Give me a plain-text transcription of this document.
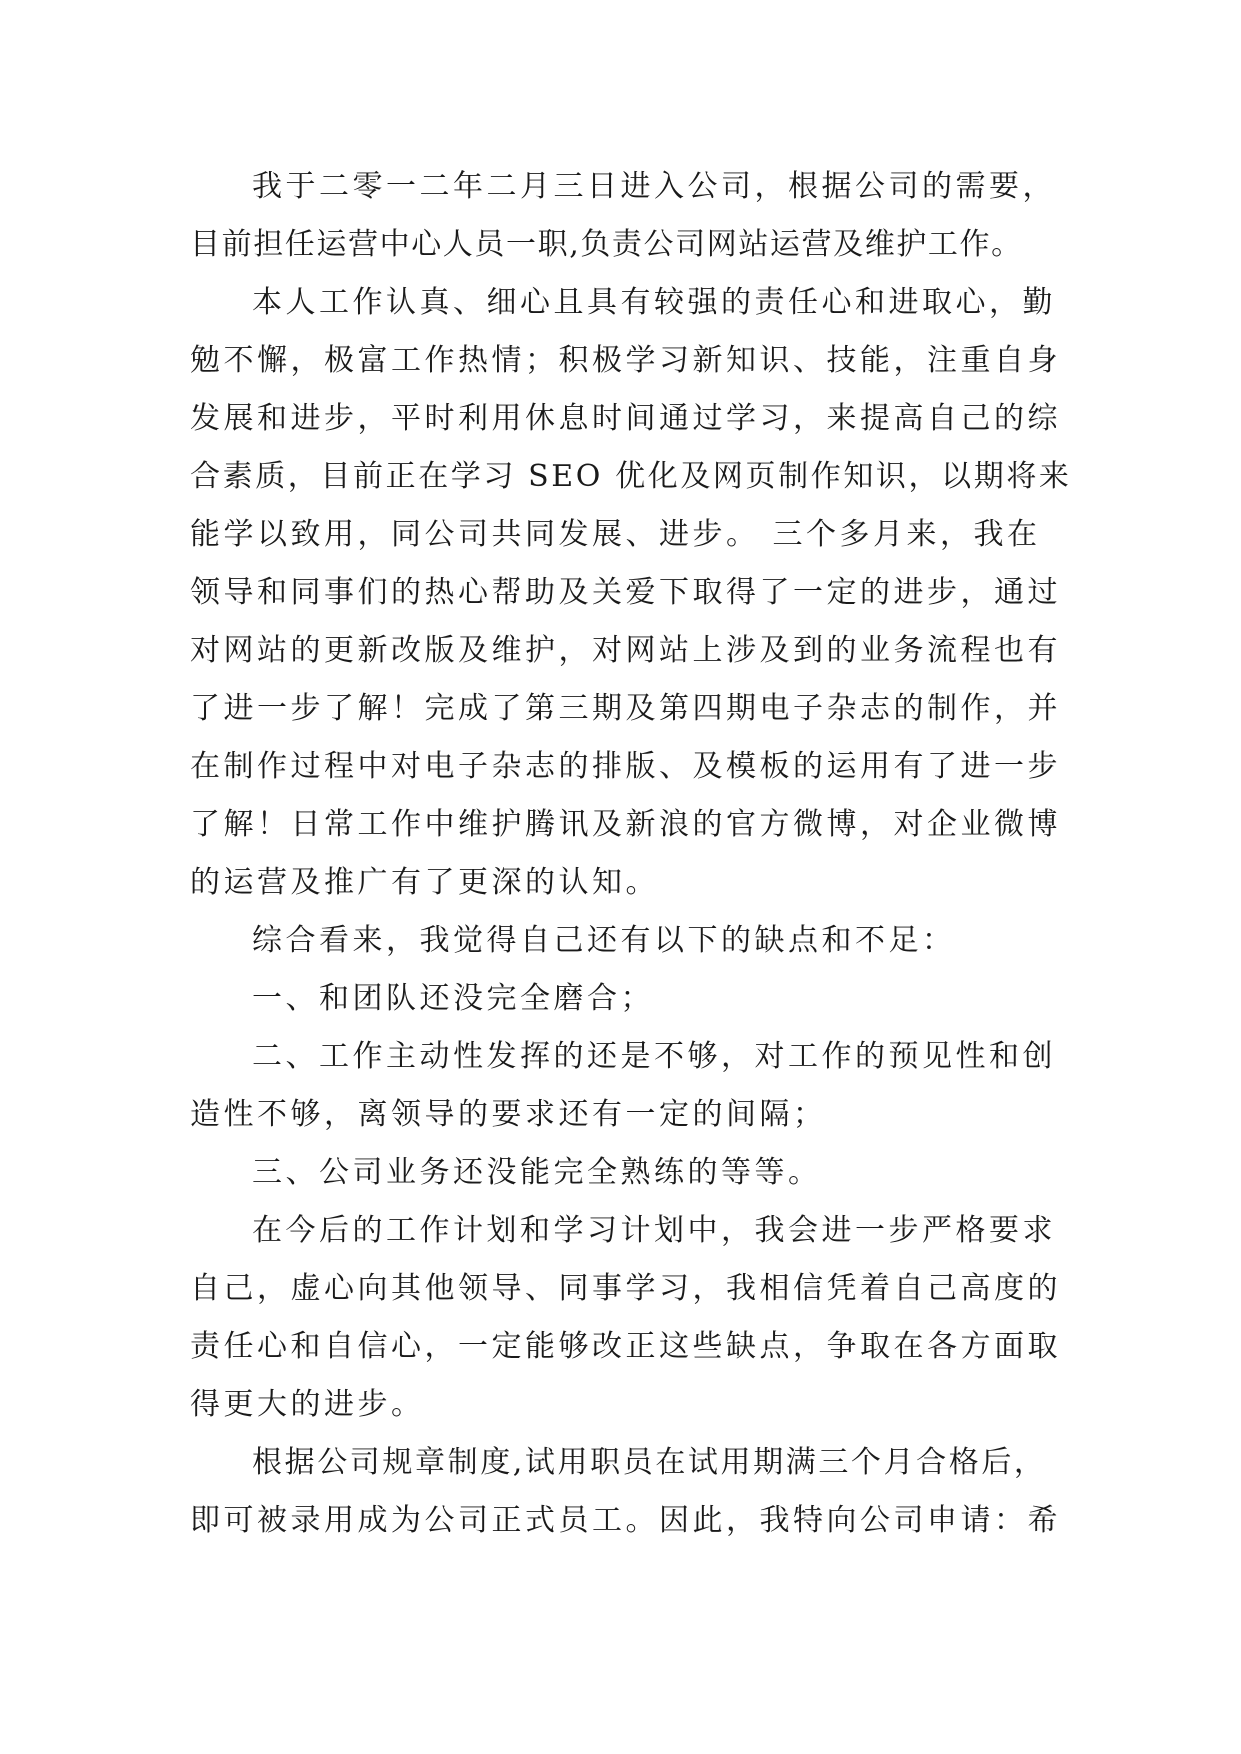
我于二零一二年二月三日进入公司，根据公司的需要，
目前担任运营中心人员一职,负责公司网站运营及维护工作。
本人工作认真、细心且具有较强的责任心和进取心，勤
勉不懈，极富工作热情；积极学习新知识、技能，注重自身
发展和进步，平时利用休息时间通过学习，来提高自己的综
合素质，目前正在学习 SEO 优化及网页制作知识，以期将来
能学以致用，同公司共同发展、进步。 三个多月来，我在
领导和同事们的热心帮助及关爱下取得了一定的进步，通过
对网站的更新改版及维护，对网站上涉及到的业务流程也有
了进一步了解！完成了第三期及第四期电子杂志的制作，并
在制作过程中对电子杂志的排版、及模板的运用有了进一步
了解！日常工作中维护腾讯及新浪的官方微博，对企业微博
的运营及推广有了更深的认知。
综合看来，我觉得自己还有以下的缺点和不足：
一、和团队还没完全磨合；
二、工作主动性发挥的还是不够，对工作的预见性和创
造性不够，离领导的要求还有一定的间隔；
三、公司业务还没能完全熟练的等等。
在今后的工作计划和学习计划中，我会进一步严格要求
自己，虚心向其他领导、同事学习，我相信凭着自己高度的
责任心和自信心，一定能够改正这些缺点，争取在各方面取
得更大的进步。
根据公司规章制度,试用职员在试用期满三个月合格后，
即可被录用成为公司正式员工。因此，我特向公司申请：希
